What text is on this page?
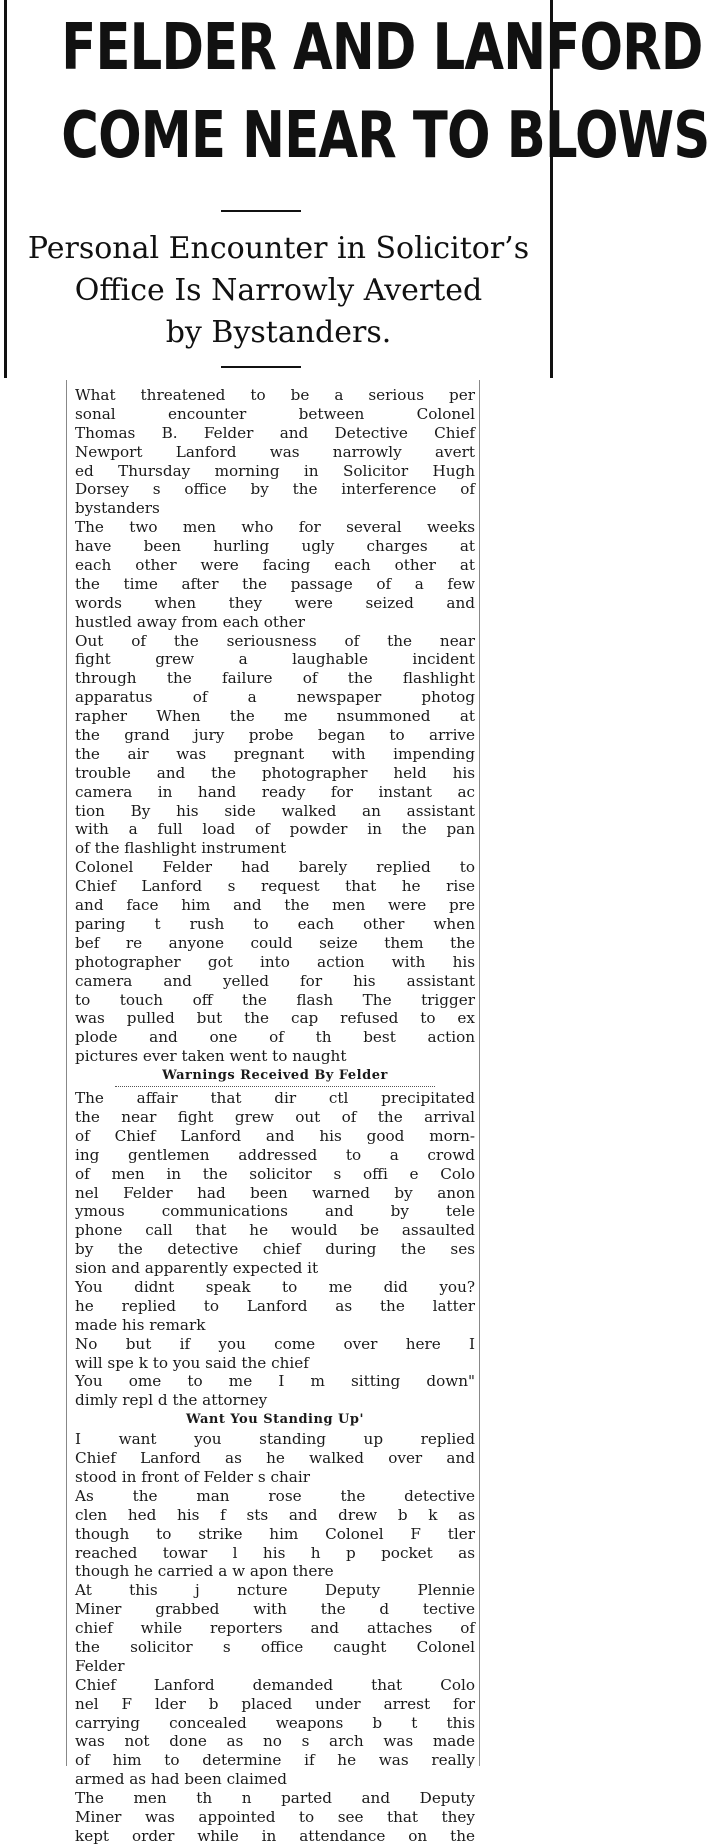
FELDER AND LANFORD
COME NEAR TO BLOWS
Personal Encounter in Solicitor’s
Office Is Narrowly Averted
by Bystanders.
What threatened to be a serious per
sonal encounter between Colonel
Thomas B. Felder and Detective Chief
Newport Lanford was narrowly avert
ed Thursday morning in Solicitor Hugh
Dorsey s office by the interference of
bystanders
The two men who for several weeks
have been hurling ugly charges at
each other were facing each other at
the time after the passage of a few
words when they were seized and
hustled away from each other
Out of the seriousness of the near
fight grew a laughable incident
through the failure of the flashlight
apparatus of a newspaper photog
rapher When the me nsummoned at
the grand jury probe began to arrive
the air was pregnant with impending
trouble and the photographer held his
camera in hand ready for instant ac
tion By his side walked an assistant
with a full load of powder in the pan
of the flashlight instrument
Colonel Felder had barely replied to
Chief Lanford s request that he rise
and face him and the men were pre
paring t rush to each other when
bef re anyone could seize them the
photographer got into action with his
camera and yelled for his assistant
to touch off the flash The trigger
was pulled but the cap refused to ex
plode and one of th best action
pictures ever taken went to naught
Warnings Received By Felder
The affair that dir ctl precipitated
the near fight grew out of the arrival
of Chief Lanford and his good morn-
ing gentlemen addressed to a crowd
of men in the solicitor s offi e Colo
nel Felder had been warned by anon
ymous communications and by tele
phone call that he would be assaulted
by the detective chief during the ses
sion and apparently expected it
You didnt speak to me did you?
he replied to Lanford as the latter
made his remark
No but if you come over here I
will spe k to you said the chief
You ome to me I m sitting down"
dimly repl d the attorney
Want You Standing Up'
I want you standing up replied
Chief Lanford as he walked over and
stood in front of Felder s chair
As the man rose the detective
clen hed his f sts and drew b k as
though to strike him Colonel F tler
reached towar l his h p pocket as
though he carried a w apon there
At this j ncture Deputy Plennie
Miner grabbed with the d tective
chief while reporters and attaches of
the solicitor s office caught Colonel
Felder
Chief Lanford demanded that Colo
nel F lder b placed under arrest for
carrying concealed weapons b t this
was not done as no s arch was made
of him to determine if he was really
armed as had been claimed
The men th n parted and Deputy
Miner was appointed to see that they
kept order while in attendance on the
